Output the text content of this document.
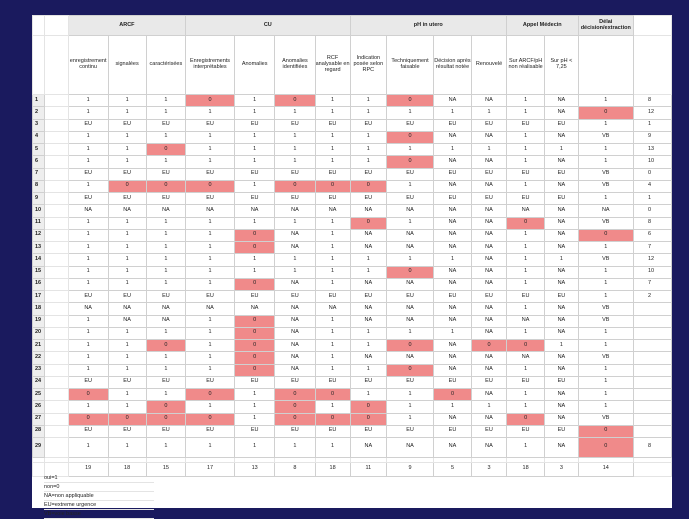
		ARCF			CU				pH in utero				Appel Médecin		Délai décision/extraction	
		enregistrement continu	signalées	caractérisées	Enregistrements interprétables	Anomalies	Anomalies identifiées	RCF analysable en regard	Indication posée selon RPC	Techniquement faisable	Décision après résultat notée	Renouvelé	Sur ARCF/pH non réalisable	Sur pH < 7,25		
1		1	1	1	0	1	0	1	1	0	NA	NA	1	NA	1	8
2		1	1	1	1	1	1	1	1	1	1	1	1	NA	0	12
3		EU	EU	EU	EU	EU	EU	EU	EU	EU	EU	EU	EU	EU	1	1
4		1	1	1	1	1	1	1	1	0	NA	NA	1	NA	VB	9
5		1	1	0	1	1	1	1	1	1	1	1	1	1	1	13
6		1	1	1	1	1	1	1	1	0	NA	NA	1	NA	1	10
7		EU	EU	EU	EU	EU	EU	EU	EU	EU	EU	EU	EU	EU	VB	0
8		1	0	0	0	1	0	0	0	1	NA	NA	1	NA	VB	4
9		EU	EU	EU	EU	EU	EU	EU	EU	EU	EU	EU	EU	EU	1	1
10		NA	NA	NA	NA	NA	NA	NA	NA	NA	NA	NA	NA	NA	NA	0
11		1	1	1	1	1	1	1	0	1	NA	NA	0	NA	VB	8
12		1	1	1	1	0	NA	1	NA	NA	NA	NA	1	NA	0	6
13		1	1	1	1	0	NA	1	NA	NA	NA	NA	1	NA	1	7
14		1	1	1	1	1	1	1	1	1	1	NA	1	1	VB	12
15		1	1	1	1	1	1	1	1	0	NA	NA	1	NA	1	10
16		1	1	1	1	0	NA	1	NA	NA	NA	NA	1	NA	1	7
17		EU	EU	EU	EU	EU	EU	EU	EU	EU	EU	EU	EU	EU	1	2
18		NA	NA	NA	NA	NA	NA	NA	NA	NA	NA	NA	1	NA	VB	
19		1	NA	NA	1	0	NA	1	NA	NA	NA	NA	NA	NA	VB	
20		1	1	1	1	0	NA	1	1	1	1	NA	1	NA	1	
21		1	1	0	1	0	NA	1	1	0	NA	0	0	1	1	
22		1	1	1	1	0	NA	1	NA	NA	NA	NA	NA	NA	VB	
23		1	1	1	1	0	NA	1	1	0	NA	NA	1	NA	1	
24		EU	EU	EU	EU	EU	EU	EU	EU	EU	EU	EU	EU	EU	1	
25		0	1	1	0	1	0	0	1	1	0	NA	1	NA	1	
26		1	1	0	1	1	0	1	0	1	1	1	1	NA	1	
27		0	0	0	0	1	0	0	0	1	NA	NA	0	NA	VB	
28		EU	EU	EU	EU	EU	EU	EU	EU	EU	EU	EU	EU	EU	0	
29		1	1	1	1	1	1	1	NA	NA	NA	NA	1	NA	0	8

		19	18	15	17	13	8	18	11	9	5	3	18	3	14	
oui=1
non=0
NA=non appliquable
EU=extreme urgence
VB=voie basse
